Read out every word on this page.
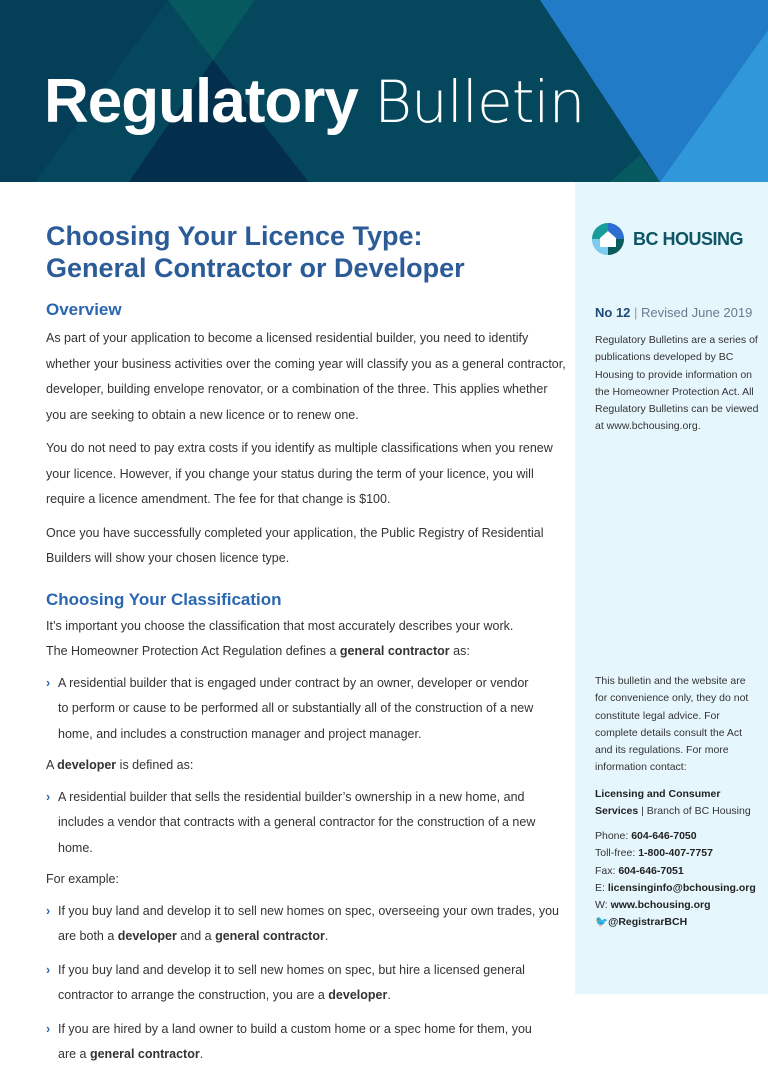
Regulatory Bulletin
BC HOUSING
No 12 | Revised June 2019
Regulatory Bulletins are a series of publications developed by BC Housing to provide information on the Homeowner Protection Act. All Regulatory Bulletins can be viewed at www.bchousing.org.
This bulletin and the website are for convenience only, they do not constitute legal advice. For complete details consult the Act and its regulations. For more information contact:
Licensing and Consumer Services | Branch of BC Housing
Phone: 604-646-7050
Toll-free: 1-800-407-7757
Fax: 604-646-7051
E: licensinginfo@bchousing.org
W: www.bchousing.org
🐦@RegistrarBCH
Choosing Your Licence Type:
General Contractor or Developer
Overview

As part of your application to become a licensed residential builder, you need to identify whether your business activities over the coming year will classify you as a general contractor, developer, building envelope renovator, or a combination of the three. This applies whether you are seeking to obtain a new licence or to renew one.

You do not need to pay extra costs if you identify as multiple classifications when you renew your licence. However, if you change your status during the term of your licence, you will require a licence amendment. The fee for that change is $100.

Once you have successfully completed your application, the Public Registry of Residential Builders will show your chosen licence type.

Choosing Your Classification

It’s important you choose the classification that most accurately describes your work. The Homeowner Protection Act Regulation defines a general contractor as:

› A residential builder that is engaged under contract by an owner, developer or vendor to perform or cause to be performed all or substantially all of the construction of a new home, and includes a construction manager and project manager.

A developer is defined as:

› A residential builder that sells the residential builder’s ownership in a new home, and includes a vendor that contracts with a general contractor for the construction of a new home.

For example:

› If you buy land and develop it to sell new homes on spec, overseeing your own trades, you are both a developer and a general contractor.
› If you buy land and develop it to sell new homes on spec, but hire a licensed general contractor to arrange the construction, you are a developer.
› If you are hired by a land owner to build a custom home or a spec home for them, you are a general contractor.
